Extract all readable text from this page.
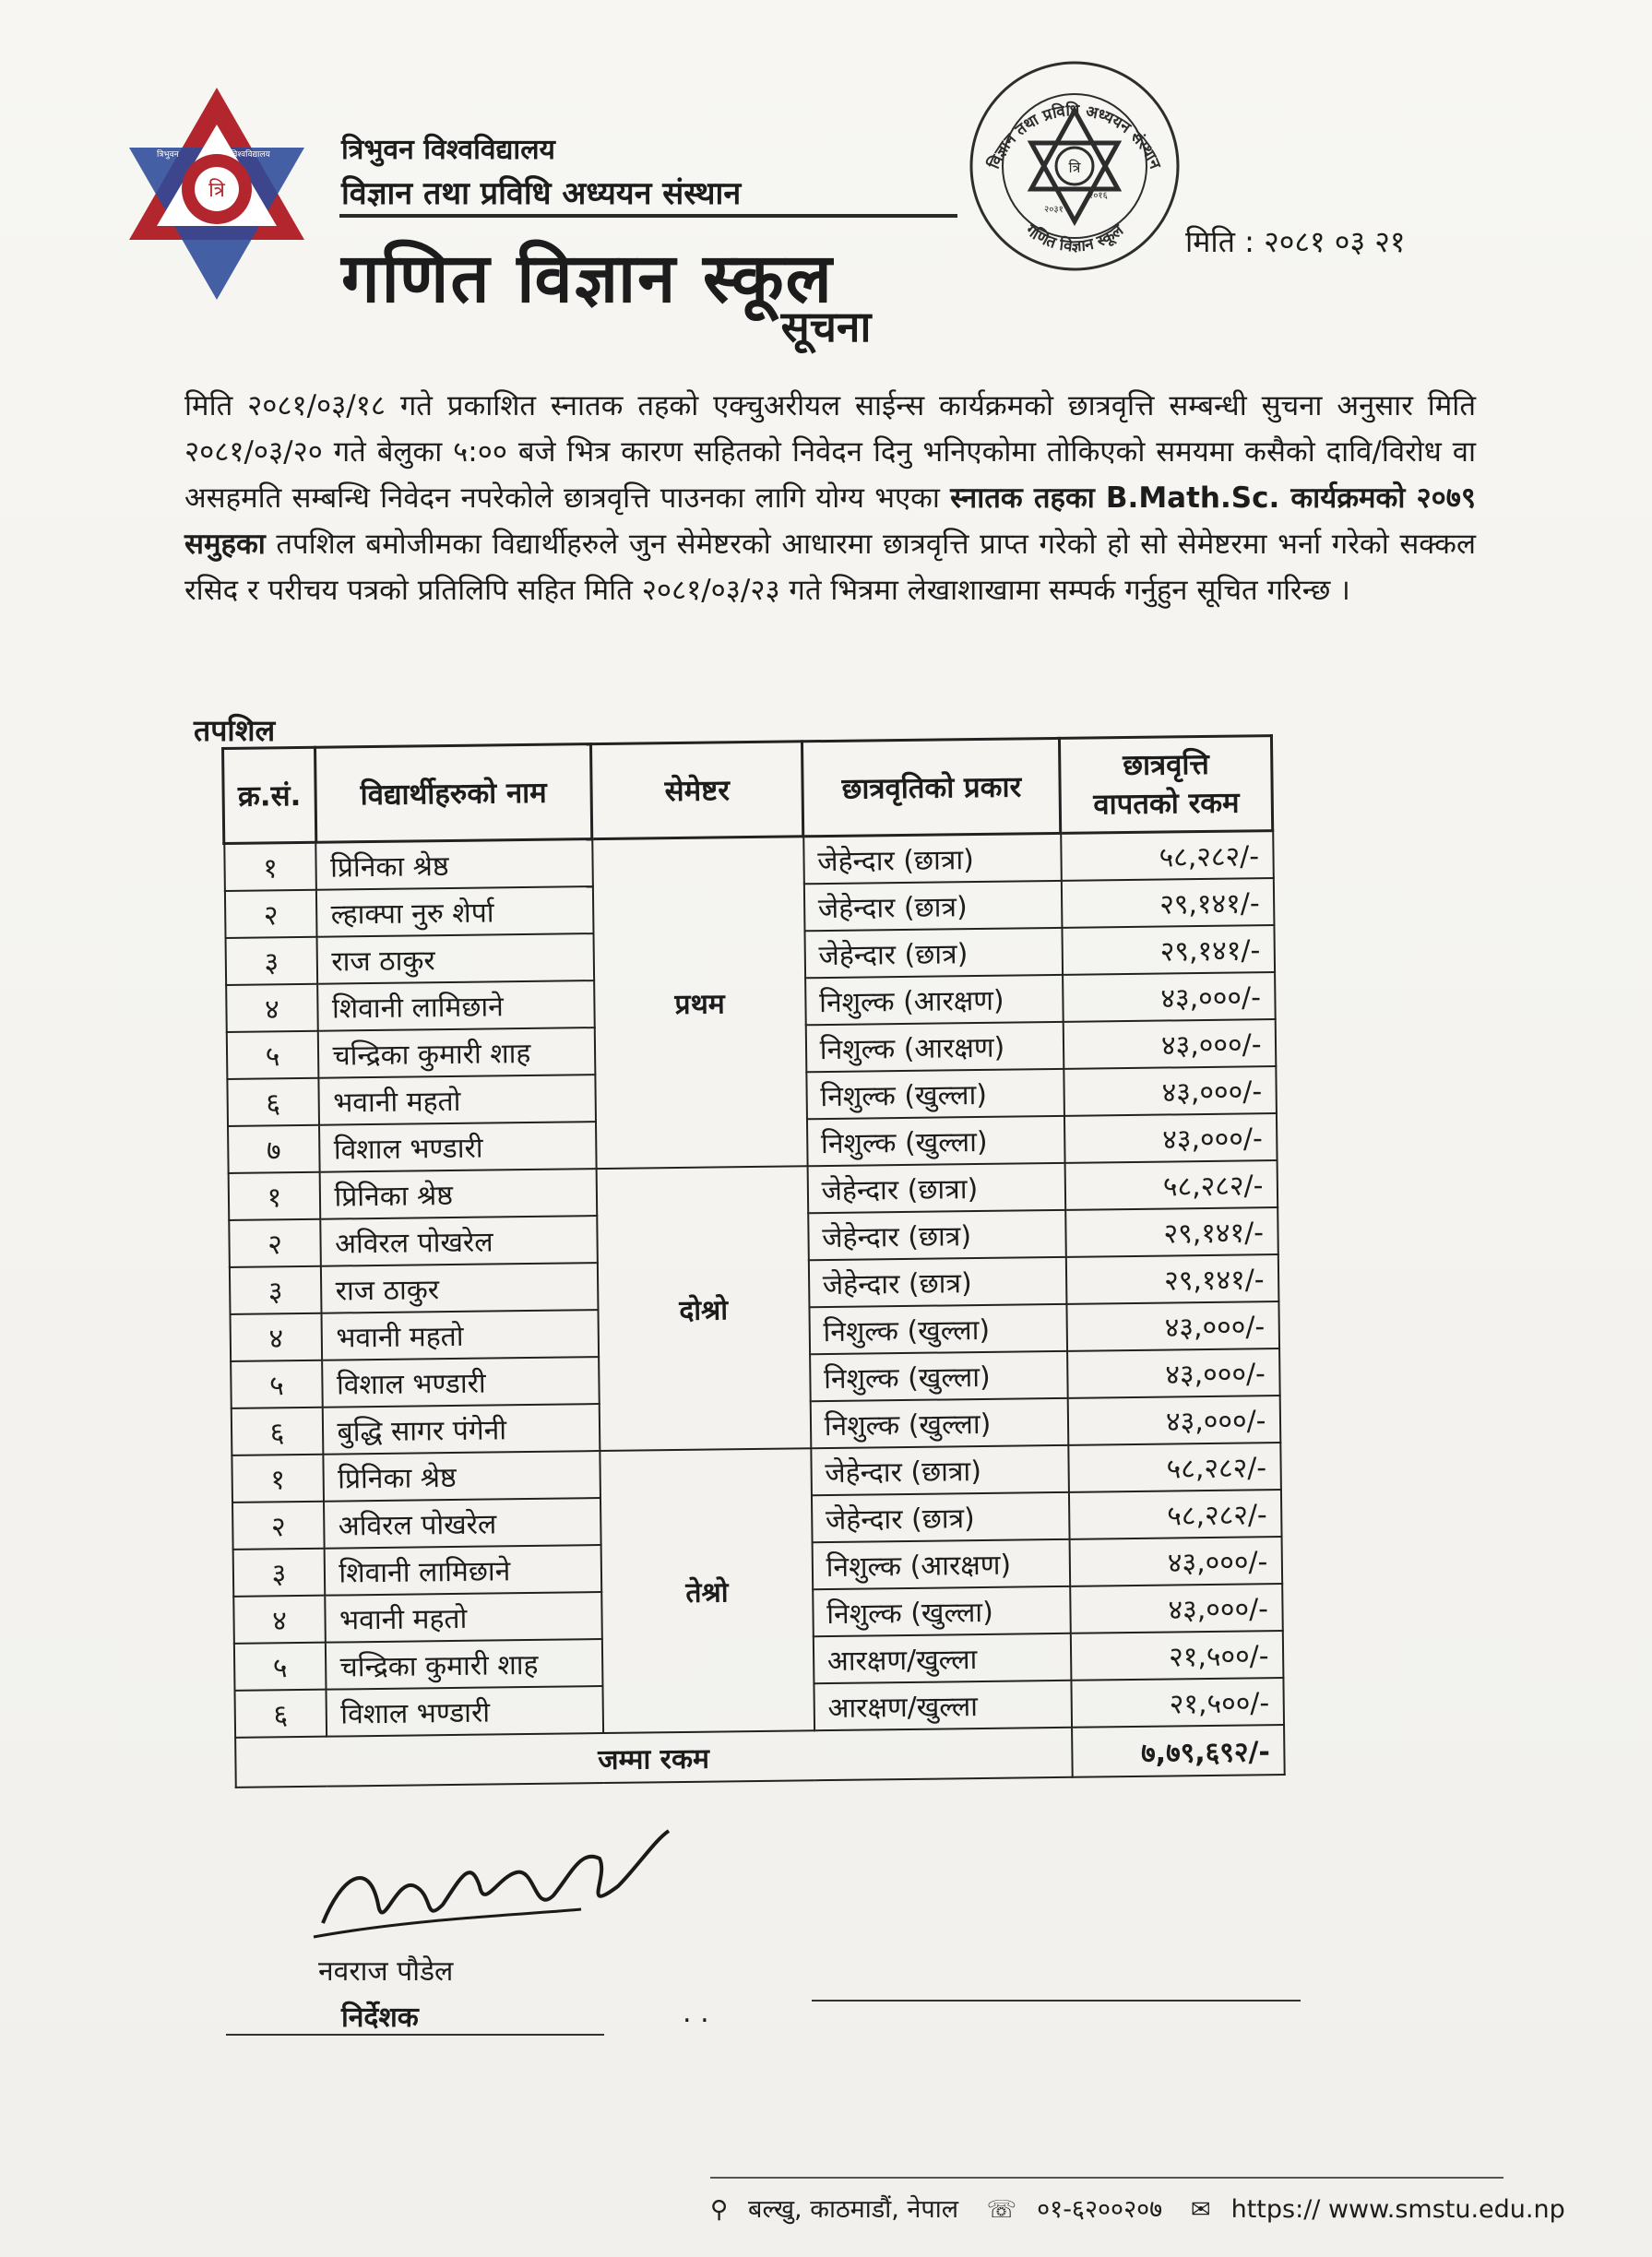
त्रि
त्रिभुवन	विश्वविद्यालय	त्रिभुवन विश्वविद्यालय
विज्ञान तथा प्रविधि अध्ययन संस्थान
गणित विज्ञान स्कूल
त्रि
विज्ञान तथा प्रविधि अध्ययन संस्थान
गणित विज्ञान स्कूल
२०३१
२०१६
मिति : २०८१ ०३ २१
सूचना
मिति २०८१/०३/१८ गते प्रकाशित स्नातक तहको एक्चुअरीयल साईन्स कार्यक्रमको छात्रवृत्ति सम्बन्धी सुचना अनुसार मिति २०८१/०३/२० गते बेलुका ५:०० बजे भित्र कारण सहितको निवेदन दिनु भनिएकोमा तोकिएको समयमा कसैको दावि/विरोध वा असहमति सम्बन्धि निवेदन नपरेकोले छात्रवृत्ति पाउनका लागि योग्य भएका स्नातक तहका B.Math.Sc. कार्यक्रमको २०७९ समुहका तपशिल बमोजीमका विद्यार्थीहरुले जुन सेमेष्टरको आधारमा छात्रवृत्ति प्राप्त गरेको हो सो सेमेष्टरमा भर्ना गरेको सक्कल रसिद र परीचय पत्रको प्रतिलिपि सहित मिति २०८१/०३/२३ गते भित्रमा लेखाशाखामा सम्पर्क गर्नुहुन सूचित गरिन्छ ।
तपशिल
क्र.सं.	विद्यार्थीहरुको नाम	सेमेष्टर	छात्रवृतिको प्रकार	छात्रवृत्ति
वापतको रकम
१	प्रिनिका श्रेष्ठ	प्रथम	जेहेन्दार (छात्रा)	५८,२८२/-
२	ल्हाक्पा नुरु शेर्पा		जेहेन्दार (छात्र)	२९,१४१/-
३	राज ठाकुर		जेहेन्दार (छात्र)	२९,१४१/-
४	शिवानी लामिछाने		निशुल्क (आरक्षण)	४३,०००/-
५	चन्द्रिका कुमारी शाह		निशुल्क (आरक्षण)	४३,०००/-
६	भवानी महतो		निशुल्क (खुल्ला)	४३,०००/-
७	विशाल भण्डारी		निशुल्क (खुल्ला)	४३,०००/-
१	प्रिनिका श्रेष्ठ	दोश्रो	जेहेन्दार (छात्रा)	५८,२८२/-
२	अविरल पोखरेल		जेहेन्दार (छात्र)	२९,१४१/-
३	राज ठाकुर		जेहेन्दार (छात्र)	२९,१४१/-
४	भवानी महतो		निशुल्क (खुल्ला)	४३,०००/-
५	विशाल भण्डारी		निशुल्क (खुल्ला)	४३,०००/-
६	बुद्धि सागर पंगेनी		निशुल्क (खुल्ला)	४३,०००/-
१	प्रिनिका श्रेष्ठ	तेश्रो	जेहेन्दार (छात्रा)	५८,२८२/-
२	अविरल पोखरेल		जेहेन्दार (छात्र)	५८,२८२/-
३	शिवानी लामिछाने		निशुल्क (आरक्षण)	४३,०००/-
४	भवानी महतो		निशुल्क (खुल्ला)	४३,०००/-
५	चन्द्रिका कुमारी शाह		आरक्षण/खुल्ला	२१,५००/-
६	विशाल भण्डारी		आरक्षण/खुल्ला	२१,५००/-
जम्मा रकम				७,७९,६९२/-
नवराज पौडेल
निर्देशक	. .
⚲ बल्खु, काठमाडौं, नेपाल ☏ ०१-६२००२०७ ✉ https:// www.smstu.edu.np
